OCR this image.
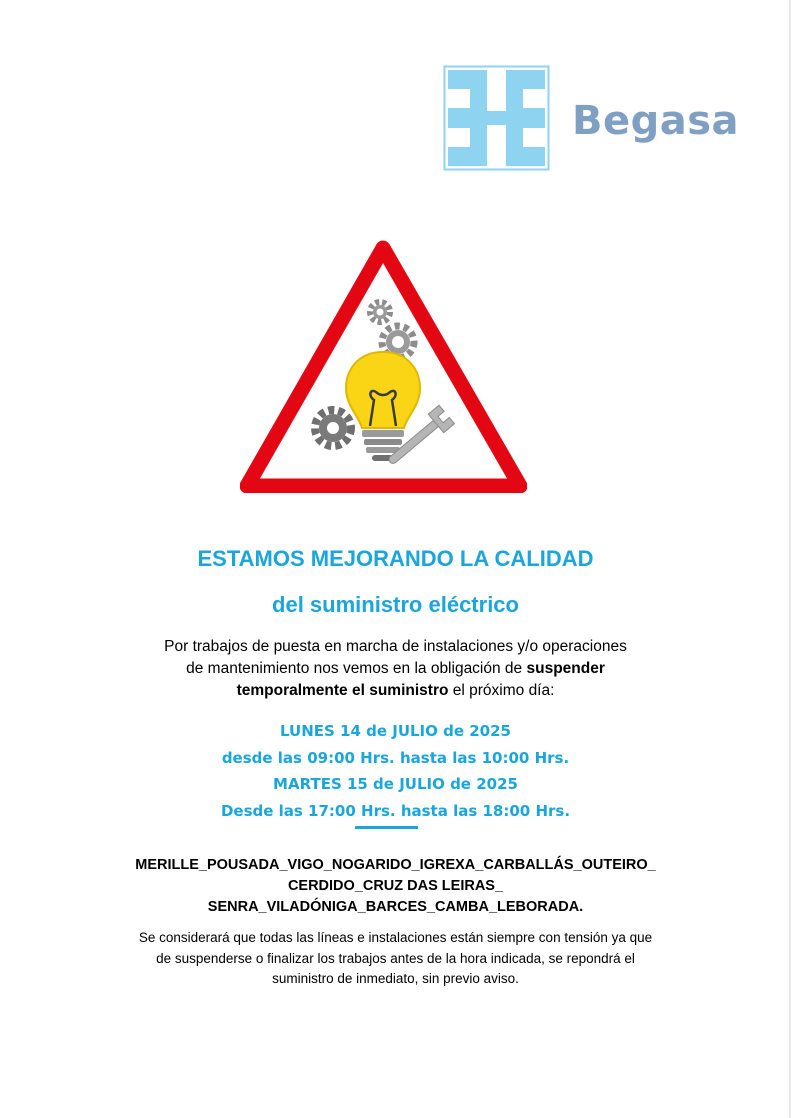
Begasa
ESTAMOS MEJORANDO LA CALIDAD
del suministro eléctrico
Por trabajos de puesta en marcha de instalaciones y/o operaciones
de mantenimiento nos vemos en la obligación de suspender
temporalmente el suministro el próximo día:
LUNES 14 de JULIO de 2025
desde las 09:00 Hrs. hasta las 10:00 Hrs.
MARTES 15 de JULIO de 2025
Desde las 17:00 Hrs. hasta las 18:00 Hrs.
MERILLE_POUSADA_VIGO_NOGARIDO_IGREXA_CARBALLÁS_OUTEIRO_
CERDIDO_CRUZ DAS LEIRAS_
SENRA_VILADÓNIGA_BARCES_CAMBA_LEBORADA.
Se considerará que todas las líneas e instalaciones están siempre con tensión ya que
de suspenderse o finalizar los trabajos antes de la hora indicada, se repondrá el
suministro de inmediato, sin previo aviso.
